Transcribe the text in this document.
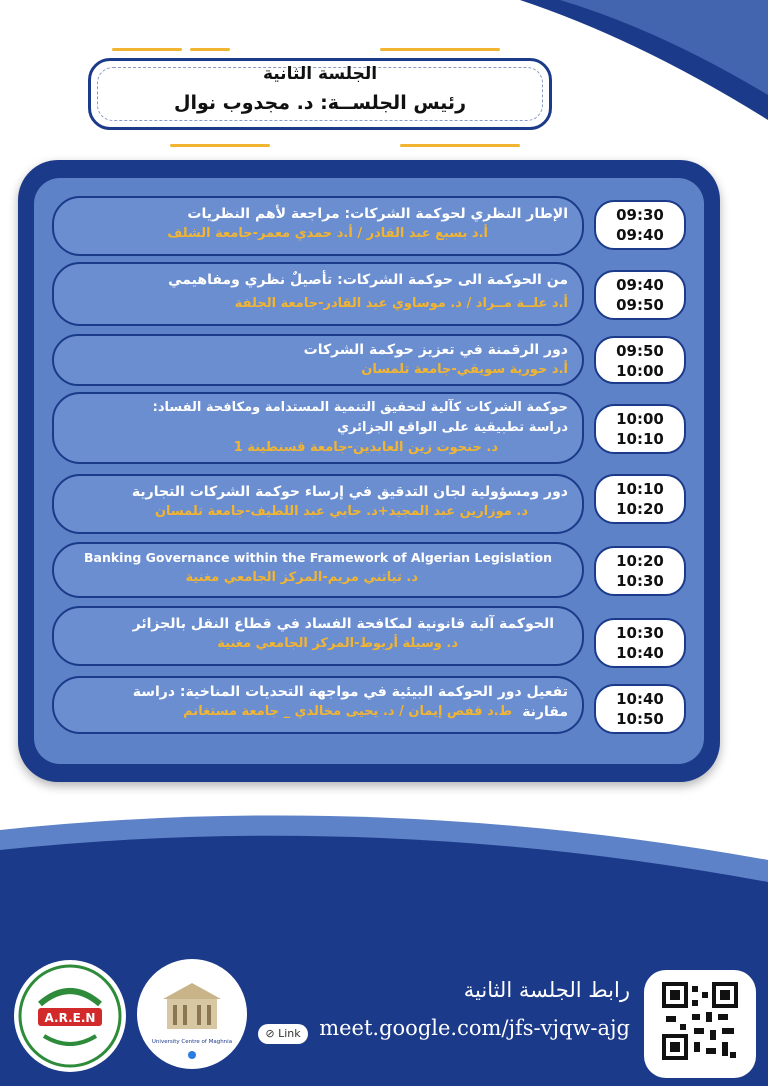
الجلسة الثانية
رئيس الجلســة: د. مجدوب نوال
الإطار النظري لحوكمة الشركات: مراجعة لأهم النظريات
أ.د بسبع عبد القادر / أ.د حمدي معمر-جامعة الشلف
09:30
09:40
من الحوكمة الى حوكمة الشركات: تأصيلٌ نظري ومفاهيمي
أ.د علــة مــراد / د. موساوي عبد القادر-جامعة الجلفة
09:40
09:50
دور الرقمنة في تعزيز حوكمة الشركات
أ.د حورية سويقي-جامعة تلمسان
09:50
10:00
حوكمة الشركات كآلية لتحقيق التنمية المستدامة ومكافحة الفساد:
دراسة تطبيقية على الواقع الجزائري
د. حنحوت زين العابدين-جامعة قسنطينة 1
10:00
10:10
دور ومسؤولية لجان التدقيق في إرساء حوكمة الشركات التجارية
د. موزارين عبد المجيد+د. حابي عبد اللطيف-جامعة تلمسان
10:10
10:20
Banking Governance within the Framework of Algerian Legislation
د. تياتني مريم-المركز الجامعي مغنية
10:20
10:30
الحوكمة آلية قانونية لمكافحة الفساد في قطاع النقل بالجزائر
د. وسيلة أربوط-المركز الجامعي مغنية
10:30
10:40
تفعيل دور الحوكمة البيئية في مواجهة التحديات المناخية: دراسة
مقارنة
ط.د قفص إيمان / د. يحيى مخالدي _ جامعة مستغانم
10:40
10:50
A.R.E.N
University Centre of Maghnia
⊘ Link
رابط الجلسة الثانية
meet.google.com/jfs-vjqw-ajg
